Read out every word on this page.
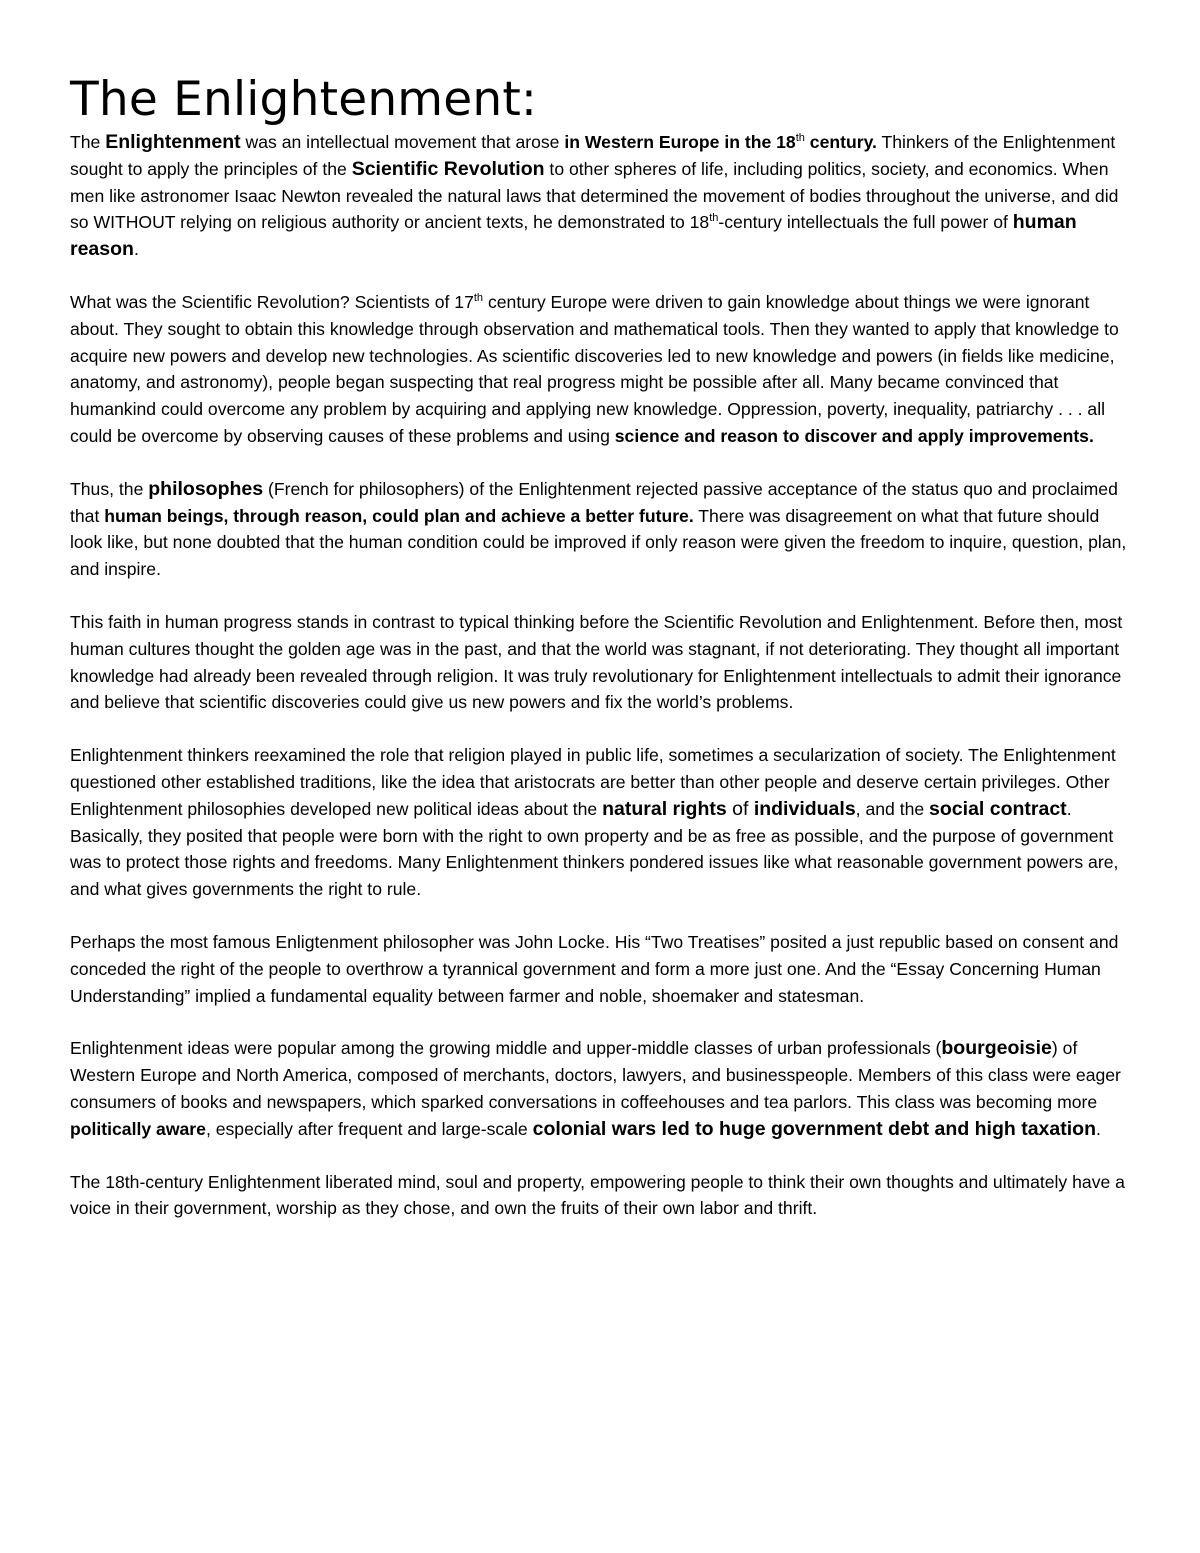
The Enlightenment:

The Enlightenment was an intellectual movement that arose in Western Europe in the 18th century. Thinkers of the Enlightenment sought to apply the principles of the Scientific Revolution to other spheres of life, including politics, society, and economics. When men like astronomer Isaac Newton revealed the natural laws that determined the movement of bodies throughout the universe, and did so WITHOUT relying on religious authority or ancient texts, he demonstrated to 18th-century intellectuals the full power of human reason.

What was the Scientific Revolution? Scientists of 17th century Europe were driven to gain knowledge about things we were ignorant about. They sought to obtain this knowledge through observation and mathematical tools. Then they wanted to apply that knowledge to acquire new powers and develop new technologies. As scientific discoveries led to new knowledge and powers (in fields like medicine, anatomy, and astronomy), people began suspecting that real progress might be possible after all. Many became convinced that humankind could overcome any problem by acquiring and applying new knowledge. Oppression, poverty, inequality, patriarchy . . . all could be overcome by observing causes of these problems and using science and reason to discover and apply improvements.

Thus, the philosophes (French for philosophers) of the Enlightenment rejected passive acceptance of the status quo and proclaimed that human beings, through reason, could plan and achieve a better future. There was disagreement on what that future should look like, but none doubted that the human condition could be improved if only reason were given the freedom to inquire, question, plan, and inspire.

This faith in human progress stands in contrast to typical thinking before the Scientific Revolution and Enlightenment. Before then, most human cultures thought the golden age was in the past, and that the world was stagnant, if not deteriorating. They thought all important knowledge had already been revealed through religion. It was truly revolutionary for Enlightenment intellectuals to admit their ignorance and believe that scientific discoveries could give us new powers and fix the world’s problems.

Enlightenment thinkers reexamined the role that religion played in public life, sometimes a secularization of society. The Enlightenment questioned other established traditions, like the idea that aristocrats are better than other people and deserve certain privileges. Other Enlightenment philosophies developed new political ideas about the natural rights of individuals, and the social contract. Basically, they posited that people were born with the right to own property and be as free as possible, and the purpose of government was to protect those rights and freedoms. Many Enlightenment thinkers pondered issues like what reasonable government powers are, and what gives governments the right to rule.

Perhaps the most famous Enligtenment philosopher was John Locke. His “Two Treatises” posited a just republic based on consent and conceded the right of the people to overthrow a tyrannical government and form a more just one. And the “Essay Concerning Human Understanding” implied a fundamental equality between farmer and noble, shoemaker and statesman.

Enlightenment ideas were popular among the growing middle and upper-middle classes of urban professionals (bourgeoisie) of Western Europe and North America, composed of merchants, doctors, lawyers, and businesspeople. Members of this class were eager consumers of books and newspapers, which sparked conversations in coffeehouses and tea parlors. This class was becoming more politically aware, especially after frequent and large-scale colonial wars led to huge government debt and high taxation.

The 18th-century Enlightenment liberated mind, soul and property, empowering people to think their own thoughts and ultimately have a voice in their government, worship as they chose, and own the fruits of their own labor and thrift.
